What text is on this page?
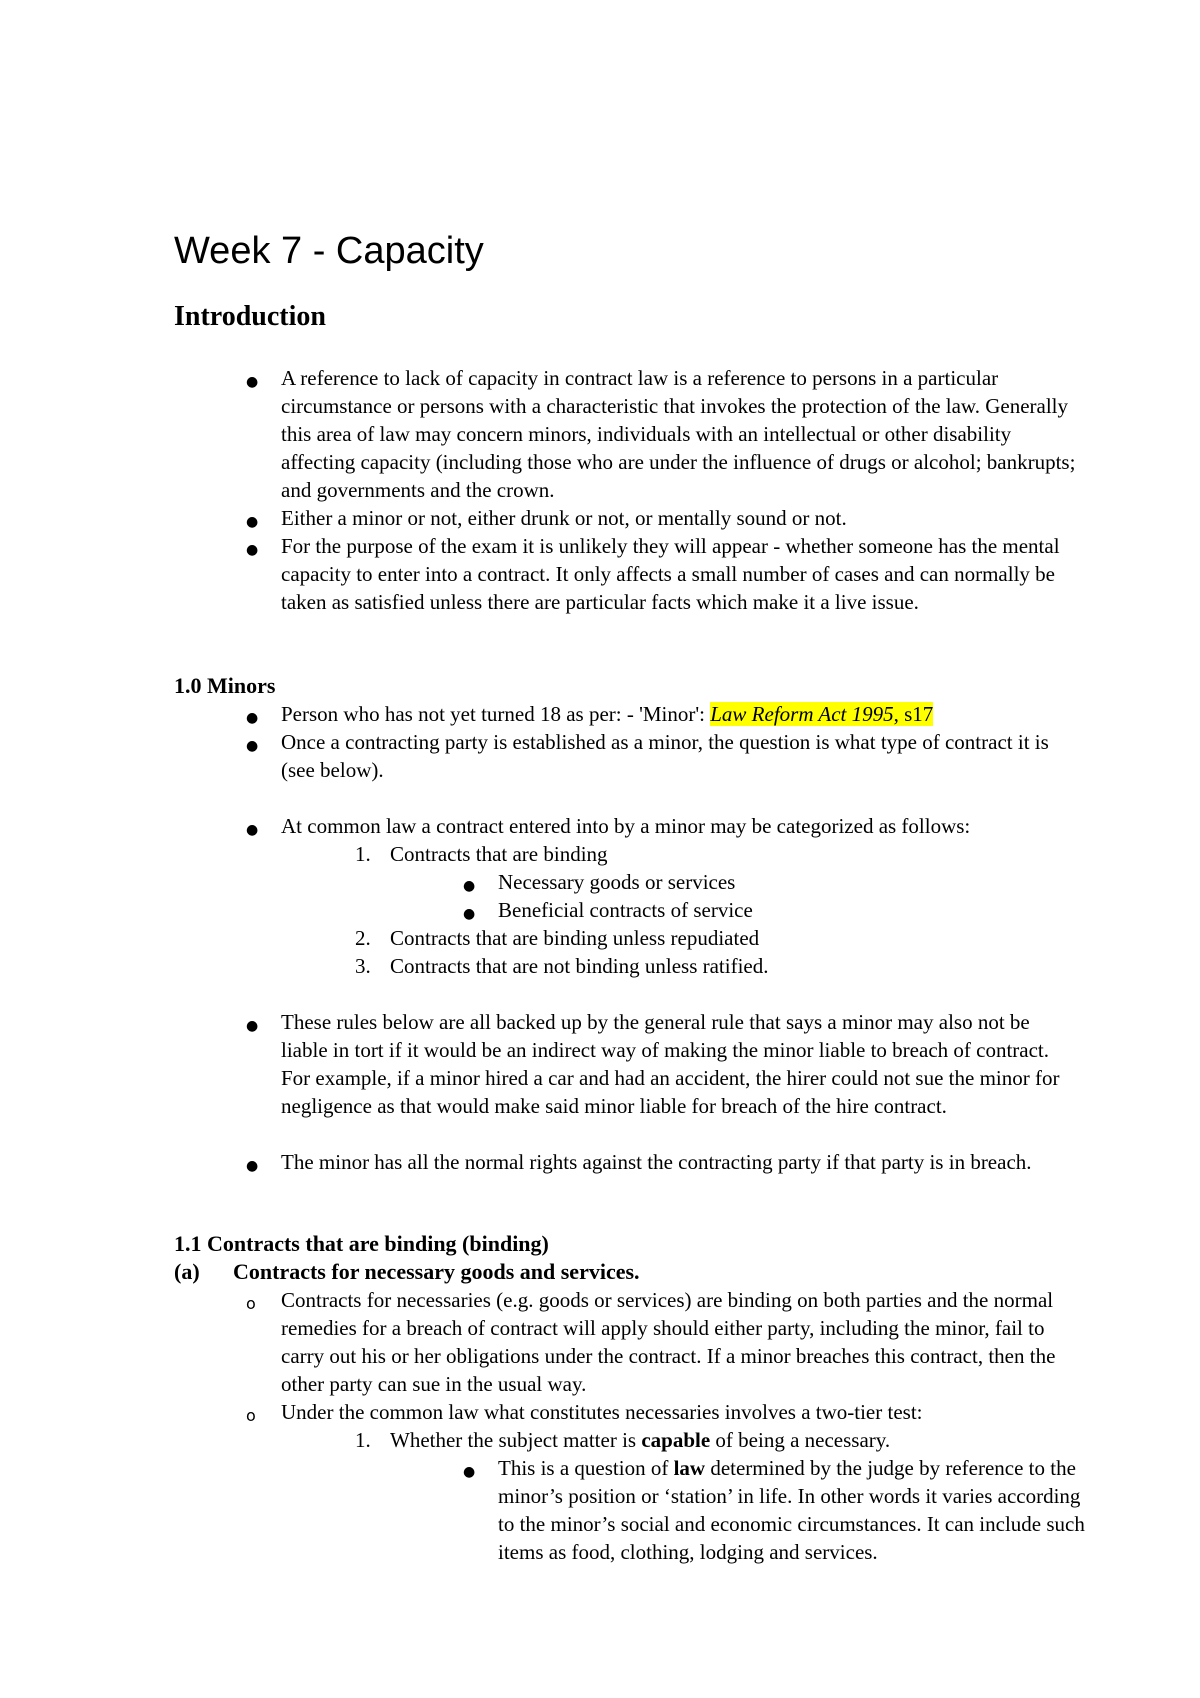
Week 7 - Capacity
Introduction
● A reference to lack of capacity in contract law is a reference to persons in a particular circumstance or persons with a characteristic that invokes the protection of the law. Generally this area of law may concern minors, individuals with an intellectual or other disability affecting capacity (including those who are under the influence of drugs or alcohol; bankrupts; and governments and the crown.

● Either a minor or not, either drunk or not, or mentally sound or not.

● For the purpose of the exam it is unlikely they will appear - whether someone has the mental capacity to enter into a contract. It only affects a small number of cases and can normally be taken as satisfied unless there are particular facts which make it a live issue.

1.0 Minors
● Person who has not yet turned 18 as per: - 'Minor': Law Reform Act 1995, s17

● Once a contracting party is established as a minor, the question is what type of contract it is (see below).

● At common law a contract entered into by a minor may be categorized as follows:

1. Contracts that are binding
● Necessary goods or services
● Beneficial contracts of service
2. Contracts that are binding unless repudiated
3. Contracts that are not binding unless ratified.
● These rules below are all backed up by the general rule that says a minor may also not be liable in tort if it would be an indirect way of making the minor liable to breach of contract. For example, if a minor hired a car and had an accident, the hirer could not sue the minor for negligence as that would make said minor liable for breach of the hire contract.

● The minor has all the normal rights against the contracting party if that party is in breach.

1.1 Contracts that are binding (binding)
(a) Contracts for necessary goods and services.
o Contracts for necessaries (e.g. goods or services) are binding on both parties and the normal remedies for a breach of contract will apply should either party, including the minor, fail to carry out his or her obligations under the contract. If a minor breaches this contract, then the other party can sue in the usual way.

o Under the common law what constitutes necessaries involves a two-tier test:

1. Whether the subject matter is capable of being a necessary.

● This is a question of law determined by the judge by reference to the minor’s position or ‘station’ in life. In other words it varies according to the minor’s social and economic circumstances. It can include such items as food, clothing, lodging and services.
